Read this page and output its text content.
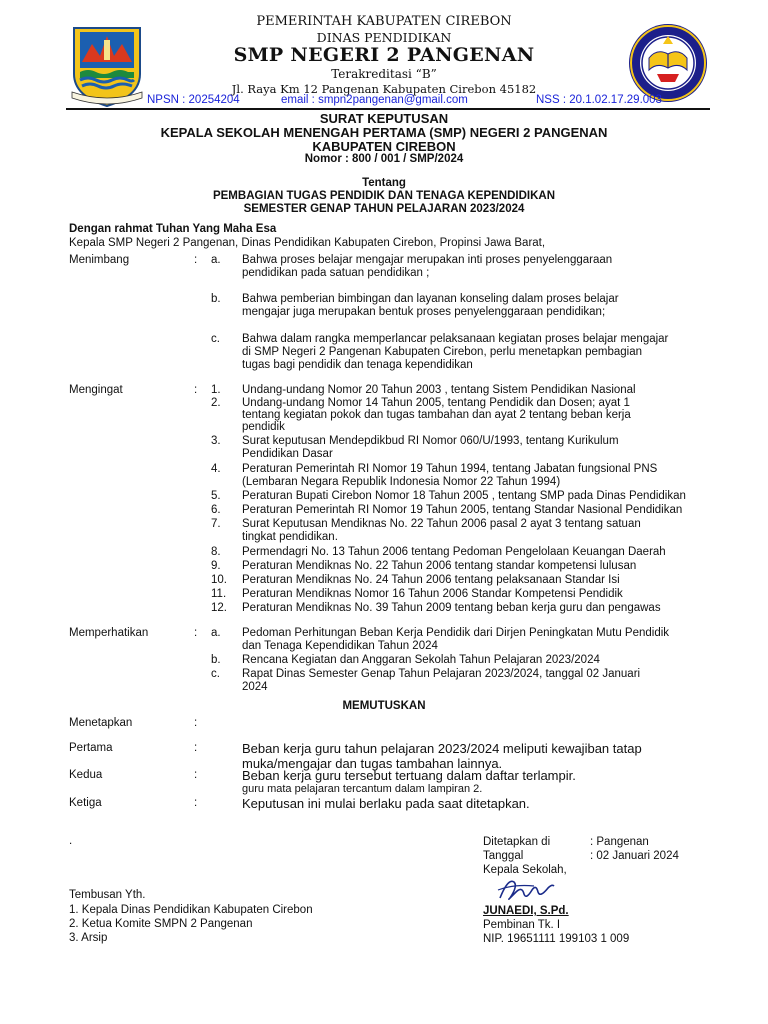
PEMERINTAH KABUPATEN CIREBON
DINAS PENDIDIKAN
SMP NEGERI 2 PANGENAN
Terakreditasi “B”
Jl. Raya Km 12 Pangenan Kabupaten Cirebon 45182
NPSN : 20254204	email : smpn2pangenan@gmail.com	NSS : 20.1.02.17.29.003
SURAT KEPUTUSAN
KEPALA SEKOLAH MENENGAH PERTAMA (SMP) NEGERI 2 PANGENAN
KABUPATEN CIREBON
Nomor : 800 / 001 / SMP/2024
Tentang
PEMBAGIAN TUGAS PENDIDIK DAN TENAGA KEPENDIDIKAN
SEMESTER GENAP TAHUN PELAJARAN 2023/2024
Dengan rahmat Tuhan Yang Maha Esa
Kepala SMP Negeri 2 Pangenan, Dinas Pendidikan Kabupaten Cirebon, Propinsi Jawa Barat,
Menimbang	: a. Bahwa proses belajar mengajar merupakan inti proses penyelenggaraan
pendidikan pada satuan pendidikan ;
b. Bahwa pemberian bimbingan dan layanan konseling dalam proses belajar
mengajar juga merupakan bentuk proses penyelenggaraan pendidikan;
c. Bahwa dalam rangka memperlancar pelaksanaan kegiatan proses belajar mengajar
di SMP Negeri 2 Pangenan Kabupaten Cirebon, perlu menetapkan pembagian
tugas bagi pendidik dan tenaga kependidikan
Mengingat	: 1. Undang-undang Nomor 20 Tahun 2003 , tentang Sistem Pendidikan Nasional
2. Undang-undang Nomor 14 Tahun 2005, tentang Pendidik dan Dosen; ayat 1
tentang kegiatan pokok dan tugas tambahan dan ayat 2 tentang beban kerja
pendidik
3. Surat keputusan Mendepdikbud RI Nomor 060/U/1993, tentang Kurikulum
Pendidikan Dasar
4. Peraturan Pemerintah RI Nomor 19 Tahun 1994, tentang Jabatan fungsional PNS
(Lembaran Negara Republik Indonesia Nomor 22 Tahun 1994)
5. Peraturan Bupati Cirebon Nomor 18 Tahun 2005 , tentang SMP pada Dinas Pendidikan
6. Peraturan Pemerintah RI Nomor 19 Tahun 2005, tentang Standar Nasional Pendidikan
7. Surat Keputusan Mendiknas No. 22 Tahun 2006 pasal 2 ayat 3 tentang satuan
tingkat pendidikan.
8. Permendagri No. 13 Tahun 2006 tentang Pedoman Pengelolaan Keuangan Daerah
9. Peraturan Mendiknas No. 22 Tahun 2006 tentang standar kompetensi lulusan
10. Peraturan Mendiknas No. 24 Tahun 2006 tentang pelaksanaan Standar Isi
11. Peraturan Mendiknas Nomor 16 Tahun 2006 Standar Kompetensi Pendidik
12. Peraturan Mendiknas No. 39 Tahun 2009 tentang beban kerja guru dan pengawas
Memperhatikan	: a. Pedoman Perhitungan Beban Kerja Pendidik dari Dirjen Peningkatan Mutu Pendidik
dan Tenaga Kependidikan Tahun 2024
b. Rencana Kegiatan dan Anggaran Sekolah Tahun Pelajaran 2023/2024
c. Rapat Dinas Semester Genap Tahun Pelajaran 2023/2024, tanggal 02 Januari
2024
MEMUTUSKAN
Menetapkan	:
Pertama	:	Beban kerja guru tahun pelajaran 2023/2024 meliputi kewajiban tatap
muka/mengajar dan tugas tambahan lainnya.
Kedua	:	Beban kerja guru tersebut tertuang dalam daftar terlampir.
guru mata pelajaran tercantum dalam lampiran 2.
Ketiga	:	Keputusan ini mulai berlaku pada saat ditetapkan.
.	Ditetapkan di	: Pangenan
Tanggal	: 02 Januari 2024
Kepala Sekolah,
JUNAEDI, S.Pd.
Pembinan Tk. I
NIP. 19651111 199103 1 009
Tembusan Yth.
1. Kepala Dinas Pendidikan Kabupaten Cirebon
2. Ketua Komite SMPN 2 Pangenan
3. Arsip
